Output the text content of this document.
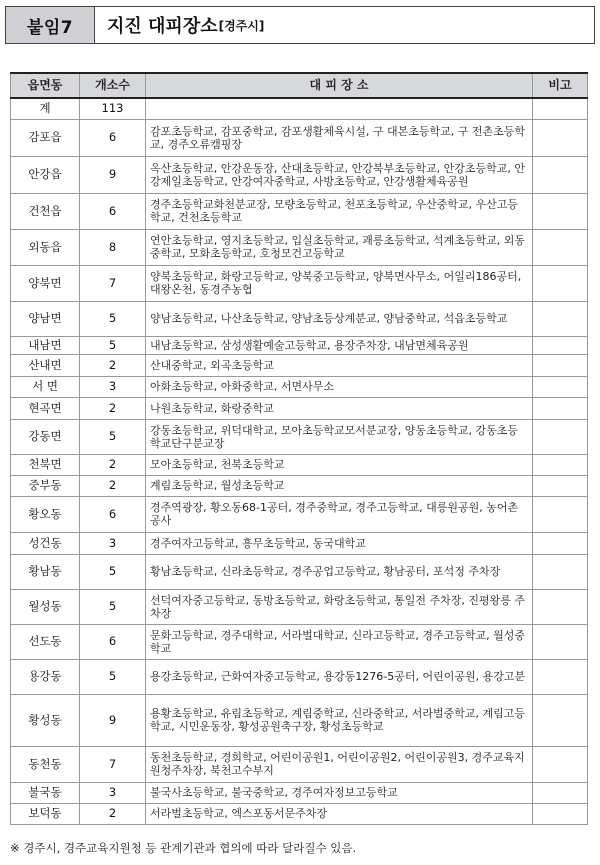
붙임7	지진 대피장소 [경주시]
읍면동	개소수	대 피 장 소	비고
계	113		
감포읍	6	감포초등학교, 감포중학교, 감포생활체육시설, 구 대본초등학교, 구 전촌초등학교, 경주오류캠핑장	
안강읍	9	옥산초등학교, 안강운동장, 산대초등학교, 안강북부초등학교, 안강초등학교, 안강제일초등학교, 안강여자중학교, 사방초등학교, 안강생활체육공원	
건천읍	6	경주초등학교화천분교장, 모량초등학교, 천포초등학교, 우산중학교, 우산고등학교, 건천초등학교	
외동읍	8	연안초등학교, 영지초등학교, 입실초등학교, 괘릉초등학교, 석계초등학교, 외동중학교, 모화초등학교, 호청모건고등학교	
양북면	7	양북초등학교, 화랑고등학교, 양북중고등학교, 양북면사무소, 어일리186공터, 대왕온천, 동경주농협	
양남면	5	양남초등학교, 나산초등학교, 양남초등상계분교, 양남중학교, 석읍초등학교	
내남면	5	내남초등학교, 삼성생활예술고등학교, 용장주차장, 내남면체육공원	
산내면	2	산내중학교, 외곡초등학교	
서 면	3	아화초등학교, 아화중학교, 서면사무소	
현곡면	2	나원초등학교, 화랑중학교	
강동면	5	강동초등학교, 위덕대학교, 모아초등학교모서분교장, 양동초등학교, 강동초등학교단구분교장	
천북면	2	모아초등학교, 천북초등학교	
중부동	2	계림초등학교, 월성초등학교	
황오동	6	경주역광장, 황오동68-1공터, 경주중학교, 경주고등학교, 대릉원공원, 농어촌공사	
성건동	3	경주여자고등학교, 흥무초등학교, 동국대학교	
황남동	5	황남초등학교, 신라초등학교, 경주공업고등학교, 황남공터, 포석정 주차장	
월성동	5	선덕여자중고등학교, 동방초등학교, 화랑초등학교, 통일전 주차장, 진평왕릉 주차장	
선도동	6	문화고등학교, 경주대학교, 서라벌대학교, 신라고등학교, 경주고등학교, 월성중학교	
용강동	5	용강초등학교, 근화여자중고등학교, 용강동1276-5공터, 어린이공원, 용강고분	
황성동	9	용황초등학교, 유림초등학교, 계림중학교, 신라중학교, 서라벌중학교, 계림고등학교, 시민운동장, 황성공원축구장, 황성초등학교	
동천동	7	동천초등학교, 경희학교, 어린이공원1, 어린이공원2, 어린이공원3, 경주교육지원청주차장, 북천고수부지	
불국동	3	불국사초등학교, 불국중학교, 경주여자정보고등학교	
보덕동	2	서라벌초등학교, 엑스포동서문주차장	
※ 경주시, 경주교육지원청 등 관계기관과 협의에 따라 달라질수 있음.
